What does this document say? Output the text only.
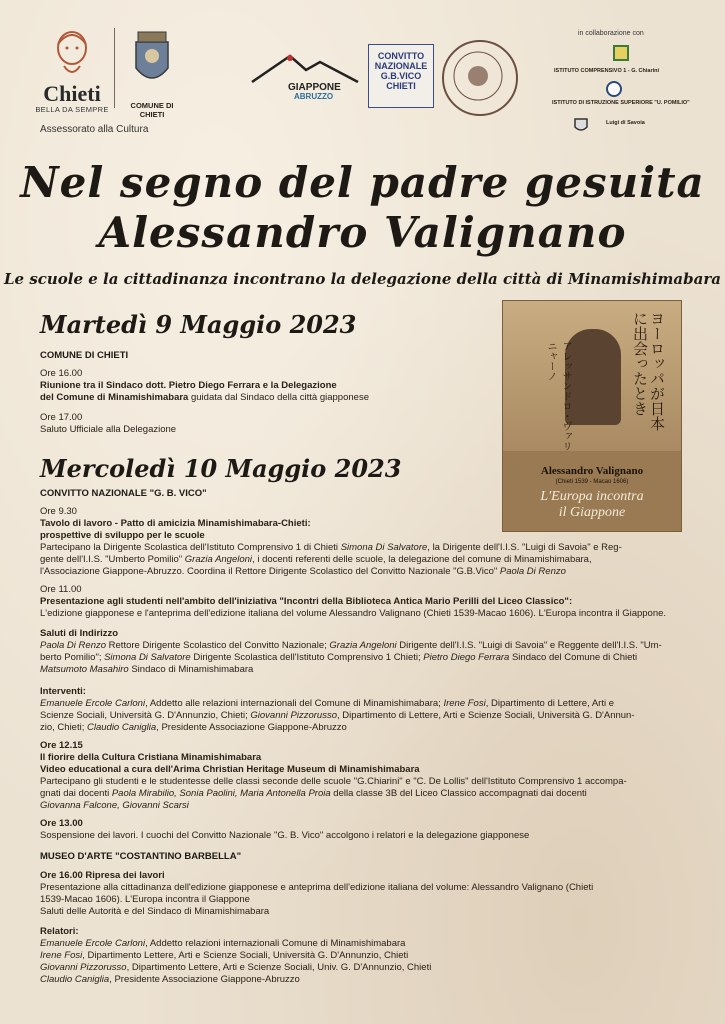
Chieti
BELLA DA SEMPRE	COMUNE DI CHIETI
Assessorato alla Cultura
GIAPPONE
ABRUZZO
CONVITTO NAZIONALE G.B.VICO CHIETI
in collaborazione con
ISTITUTO COMPRENSIVO 1 - G. Chiarini
ISTITUTO DI ISTRUZIONE SUPERIORE "U. POMILIO"
Luigi di Savoia
Nel segno del padre gesuita
Alessandro Valignano
Le scuole e la cittadinanza incontrano la delegazione della città di Minamishimabara
ヨーロッパが日本に出会ったとき
アレッサンドロ・ヴァリニャーノ
Alessandro Valignano
(Chieti 1539 - Macao 1606)
L'Europa incontra
il Giappone
Martedì 9 Maggio 2023
COMUNE DI CHIETI
Ore 16.00
Riunione tra il Sindaco dott. Pietro Diego Ferrara e la Delegazione
del Comune di Minamishimabara guidata dal Sindaco della città giapponese
Ore 17.00
Saluto Ufficiale alla Delegazione
Mercoledì 10 Maggio 2023
CONVITTO NAZIONALE "G. B. VICO"
Ore 9.30
Tavolo di lavoro - Patto di amicizia Minamishimabara-Chieti:
prospettive di sviluppo per le scuole
Partecipano la Dirigente Scolastica dell'Istituto Comprensivo 1 di Chieti Simona Di Salvatore, la Dirigente dell'I.I.S. "Luigi di Savoia" e Reg-
gente dell'I.I.S. "Umberto Pomilio" Grazia Angeloni, i docenti referenti delle scuole, la delegazione del comune di Minamishimabara,
l'Associazione Giappone-Abruzzo. Coordina il Rettore Dirigente Scolastico del Convitto Nazionale "G.B.Vico" Paola Di Renzo
Ore 11.00
Presentazione agli studenti nell'ambito dell'iniziativa "Incontri della Biblioteca Antica Mario Perilli del Liceo Classico":
L'edizione giapponese e l'anteprima dell'edizione italiana del volume Alessandro Valignano (Chieti 1539-Macao 1606). L'Europa incontra il Giappone.
Saluti di Indirizzo
Paola Di Renzo Rettore Dirigente Scolastico del Convitto Nazionale; Grazia Angeloni Dirigente dell'I.I.S. "Luigi di Savoia" e Reggente dell'I.I.S. "Um-
berto Pomilio"; Simona Di Salvatore Dirigente Scolastica dell'Istituto Comprensivo 1 Chieti; Pietro Diego Ferrara Sindaco del Comune di Chieti
Matsumoto Masahiro Sindaco di Minamishimabara
Interventi:
Emanuele Ercole Carloni, Addetto alle relazioni internazionali del Comune di Minamishimabara; Irene Fosi, Dipartimento di Lettere, Arti e
Scienze Sociali, Università G. D'Annunzio, Chieti; Giovanni Pizzorusso, Dipartimento di Lettere, Arti e Scienze Sociali, Università G. D'Annun-
zio, Chieti; Claudio Caniglia, Presidente Associazione Giappone-Abruzzo
Ore 12.15
Il fiorire della Cultura Cristiana Minamishimabara
Video educational a cura dell'Arima Christian Heritage Museum di Minamishimabara
Partecipano gli studenti e le studentesse delle classi seconde delle scuole "G.Chiarini" e "C. De Lollis" dell'Istituto Comprensivo 1 accompa-
gnati dai docenti Paola Mirabilio, Sonia Paolini, Maria Antonella Proia della classe 3B del Liceo Classico accompagnati dai docenti
Giovanna Falcone, Giovanni Scarsi
Ore 13.00
Sospensione dei lavori. I cuochi del Convitto Nazionale "G. B. Vico" accolgono i relatori e la delegazione giapponese
MUSEO D'ARTE "COSTANTINO BARBELLA"
Ore 16.00 Ripresa dei lavori
Presentazione alla cittadinanza dell'edizione giapponese e anteprima dell'edizione italiana del volume: Alessandro Valignano (Chieti
1539-Macao 1606). L'Europa incontra il Giappone
Saluti delle Autorità e del Sindaco di Minamishimabara
Relatori:
Emanuele Ercole Carloni, Addetto relazioni internazionali Comune di Minamishimabara
Irene Fosi, Dipartimento Lettere, Arti e Scienze Sociali, Università G. D'Annunzio, Chieti
Giovanni Pizzorusso, Dipartimento Lettere, Arti e Scienze Sociali, Univ. G. D'Annunzio, Chieti
Claudio Caniglia, Presidente Associazione Giappone-Abruzzo
